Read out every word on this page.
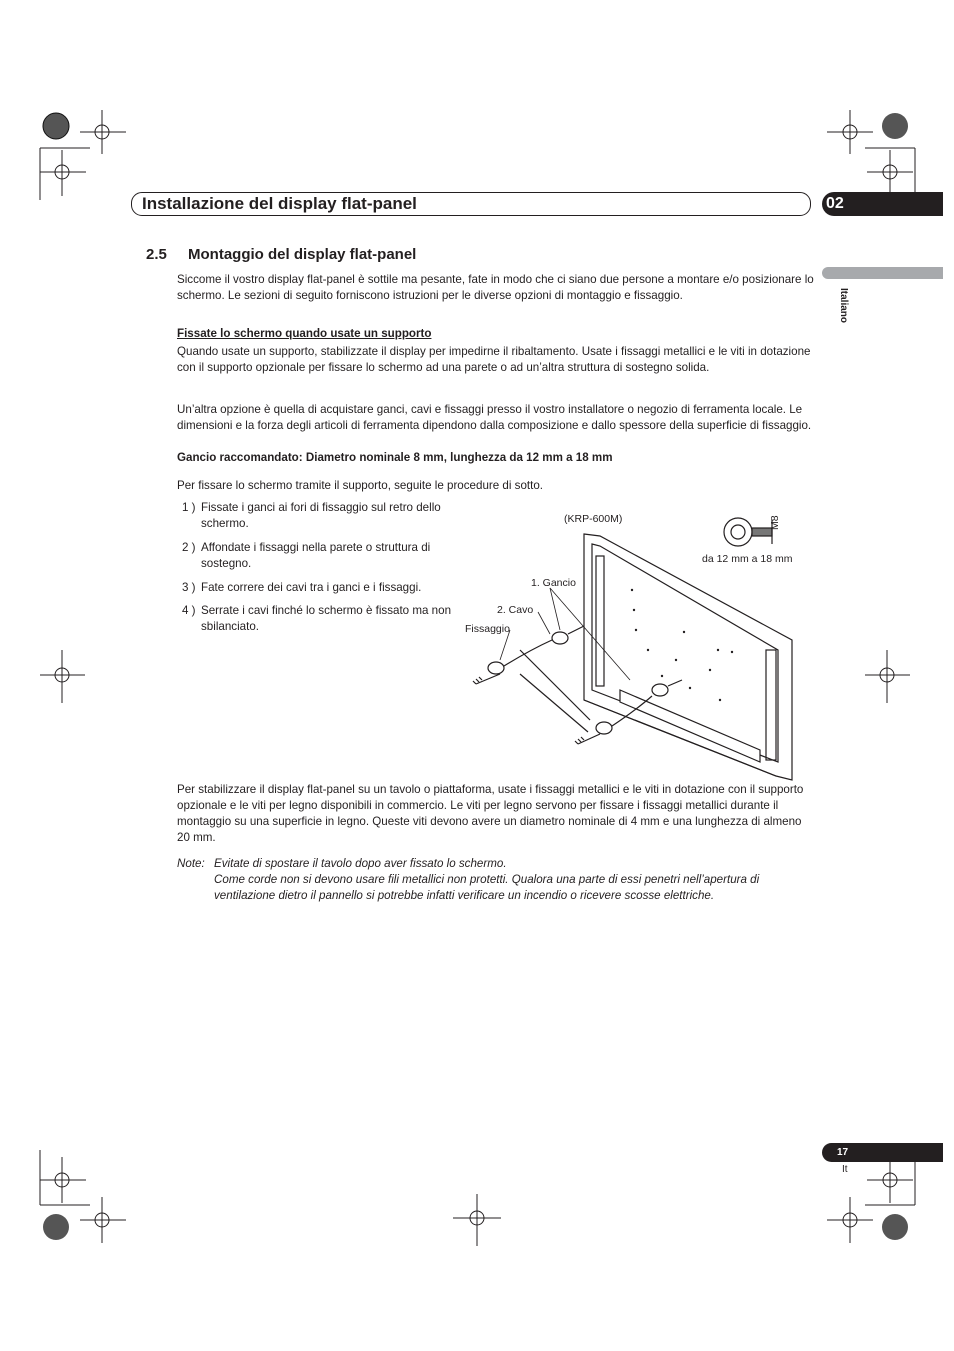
Installazione del display flat-panel	02
Italiano
2.5 Montaggio del display flat-panel

Siccome il vostro display flat-panel è sottile ma pesante, fate in modo che ci siano due persone a montare e/o posizionare lo schermo. Le sezioni di seguito forniscono istruzioni per le diverse opzioni di montaggio e fissaggio.

Fissate lo schermo quando usate un supporto

Quando usate un supporto, stabilizzate il display per impedirne il ribaltamento. Usate i fissaggi metallici e le viti in dotazione con il supporto opzionale per fissare lo schermo ad una parete o ad un’altra struttura di sostegno solida.

Un’altra opzione è quella di acquistare ganci, cavi e fissaggi presso il vostro installatore o negozio di ferramenta locale. Le dimensioni e la forza degli articoli di ferramenta dipendono dalla composizione e dallo spessore della superficie di fissaggio.

Gancio raccomandato: Diametro nominale 8 mm, lunghezza da 12 mm a 18 mm

Per fissare lo schermo tramite il supporto, seguite le procedure di sotto.

1 ) Fissate i ganci ai fori di fissaggio sul retro dello schermo.
2 ) Affondate i fissaggi nella parete o struttura di sostegno.
3 ) Fate correre dei cavi tra i ganci e i fissaggi.
4 ) Serrate i cavi finché lo schermo è fissato ma non sbilanciato.
(KRP-600M)	M8
da 12 mm a 18 mm
1. Gancio
2. Cavo
Fissaggio

Per stabilizzare il display flat-panel su un tavolo o piattaforma, usate i fissaggi metallici e le viti in dotazione con il supporto opzionale e le viti per legno disponibili in commercio. Le viti per legno servono per fissare i fissaggi metallici durante il montaggio su una superficie in legno. Queste viti devono avere un diametro nominale di 4 mm e una lunghezza di almeno 20 mm.

Note: Evitate di spostare il tavolo dopo aver fissato lo schermo.
Come corde non si devono usare fili metallici non protetti. Qualora una parte di essi penetri nell’apertura di ventilazione dietro il pannello si potrebbe infatti verificare un incendio o ricevere scosse elettriche.
17
It
